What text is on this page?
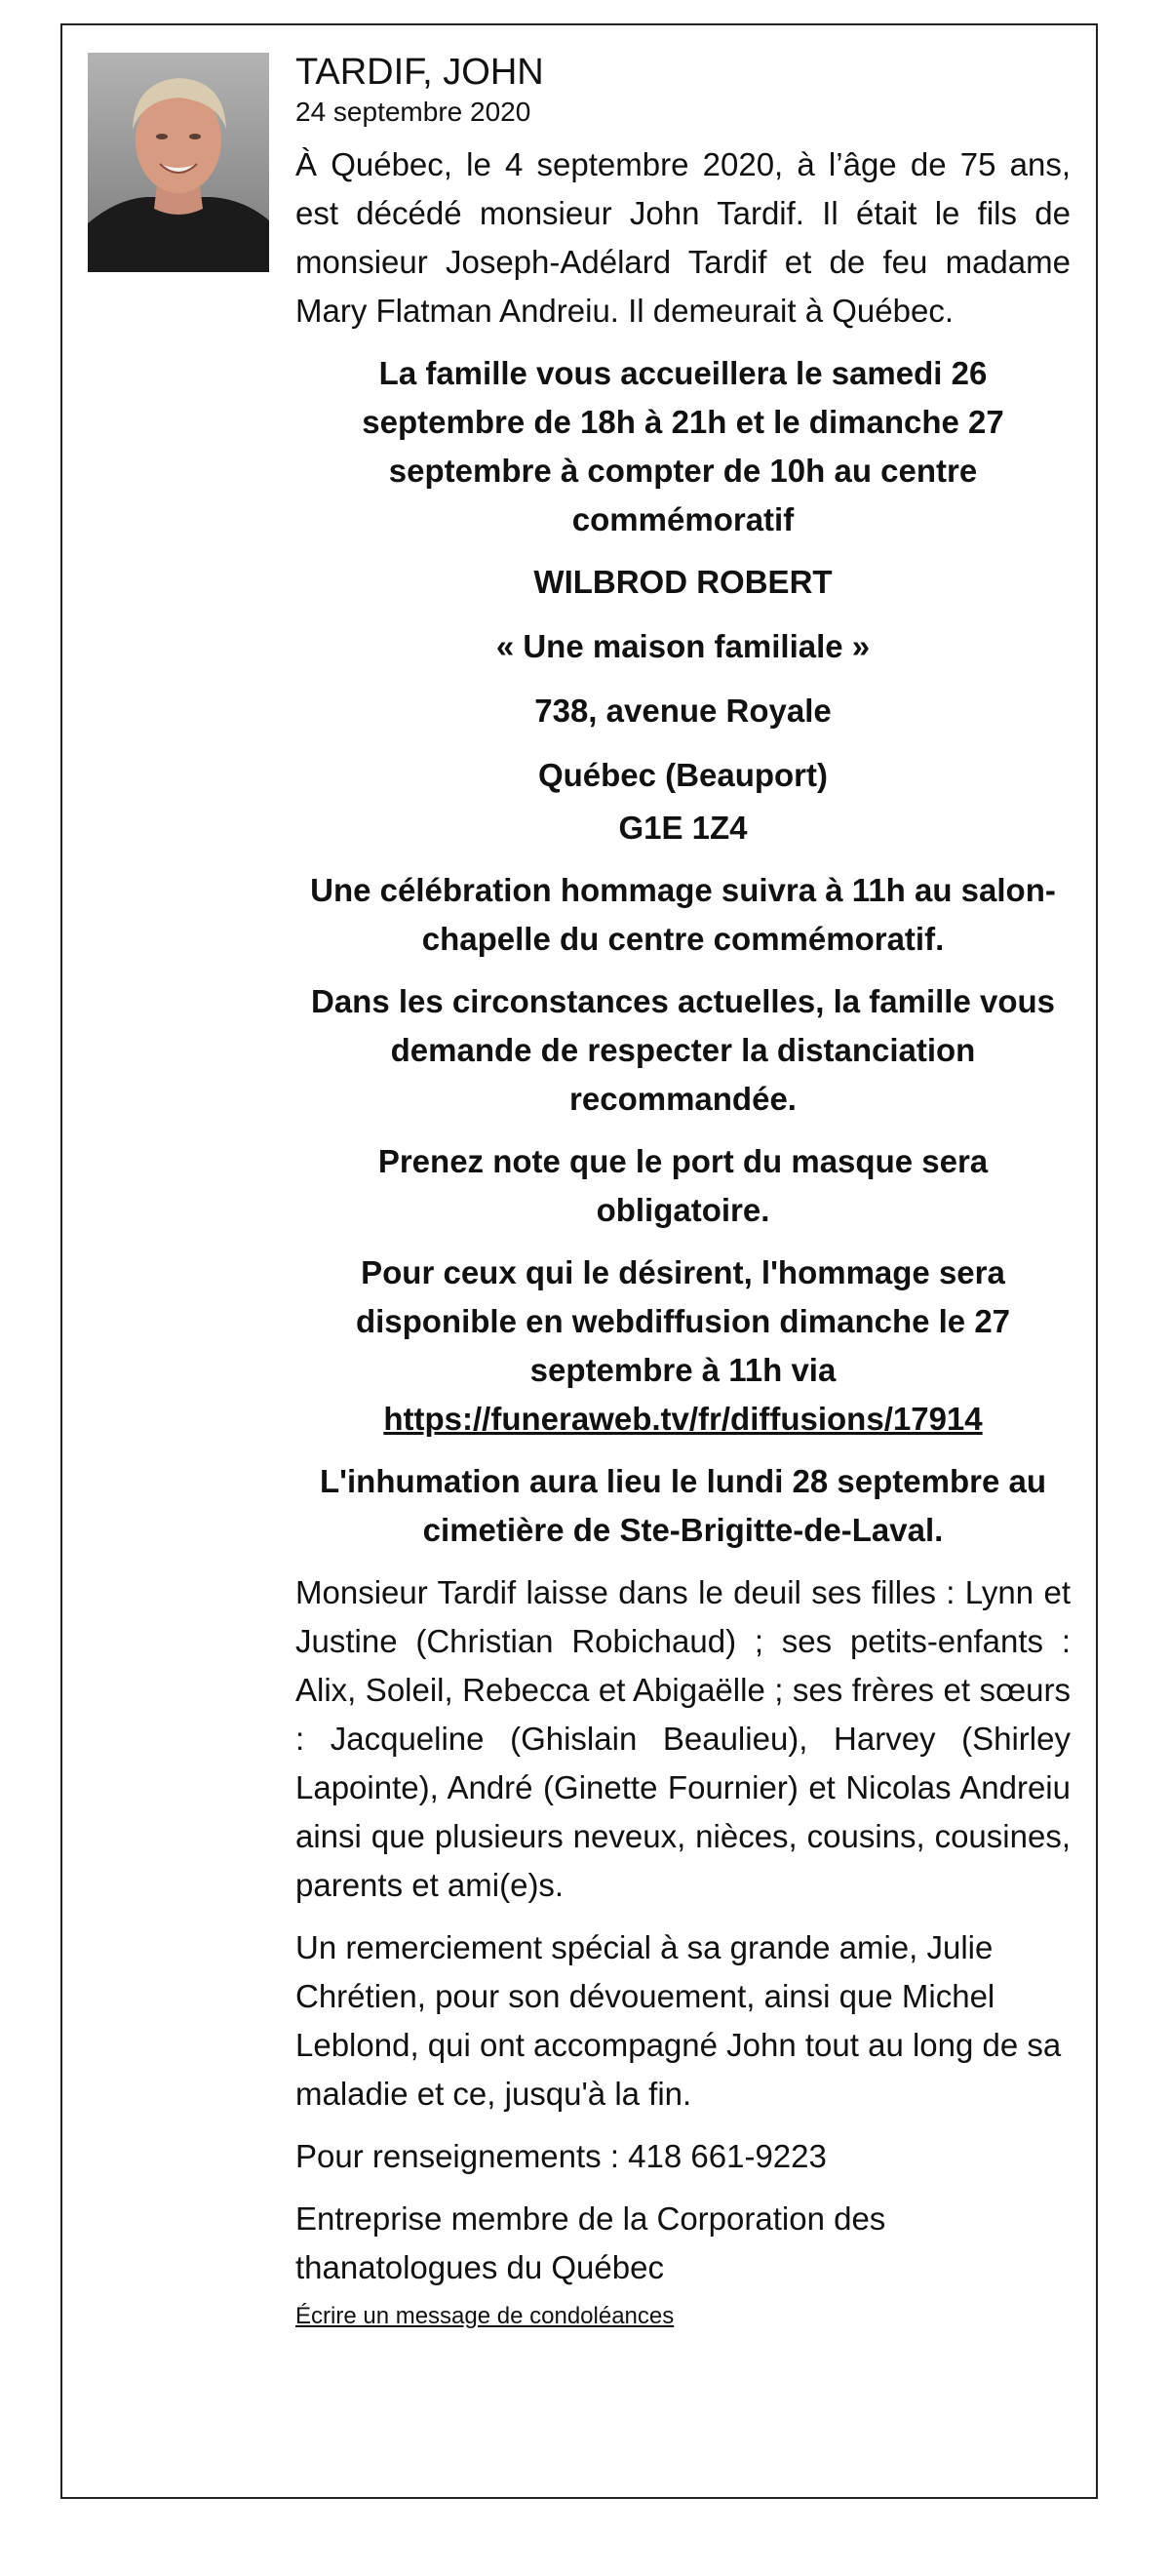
TARDIF, JOHN
24 septembre 2020

À Québec, le 4 septembre 2020, à l’âge de 75 ans, est décédé monsieur John Tardif. Il était le fils de monsieur Joseph-Adélard Tardif et de feu madame Mary Flatman Andreiu. Il demeurait à Québec.

La famille vous accueillera le samedi 26 septembre de 18h à 21h et le dimanche 27 septembre à compter de 10h au centre commémoratif

WILBROD ROBERT

« Une maison familiale »

738, avenue Royale

Québec (Beauport)

G1E 1Z4

Une célébration hommage suivra à 11h au salon-chapelle du centre commémoratif.

Dans les circonstances actuelles, la famille vous demande de respecter la distanciation recommandée.

Prenez note que le port du masque sera obligatoire.

Pour ceux qui le désirent, l'hommage sera disponible en webdiffusion dimanche le 27 septembre à 11h via
https://funeraweb.tv/fr/diffusions/17914

L'inhumation aura lieu le lundi 28 septembre au cimetière de Ste-Brigitte-de-Laval.

Monsieur Tardif laisse dans le deuil ses filles : Lynn et Justine (Christian Robichaud) ; ses petits-enfants : Alix, Soleil, Rebecca et Abigaëlle ; ses frères et sœurs : Jacqueline (Ghislain Beaulieu), Harvey (Shirley Lapointe), André (Ginette Fournier) et Nicolas Andreiu ainsi que plusieurs neveux, nièces, cousins, cousines, parents et ami(e)s.

Un remerciement spécial à sa grande amie, Julie Chrétien, pour son dévouement, ainsi que Michel Leblond, qui ont accompagné John tout au long de sa maladie et ce, jusqu'à la fin.

Pour renseignements : 418 661-9223

Entreprise membre de la Corporation des thanatologues du Québec

Écrire un message de condoléances
